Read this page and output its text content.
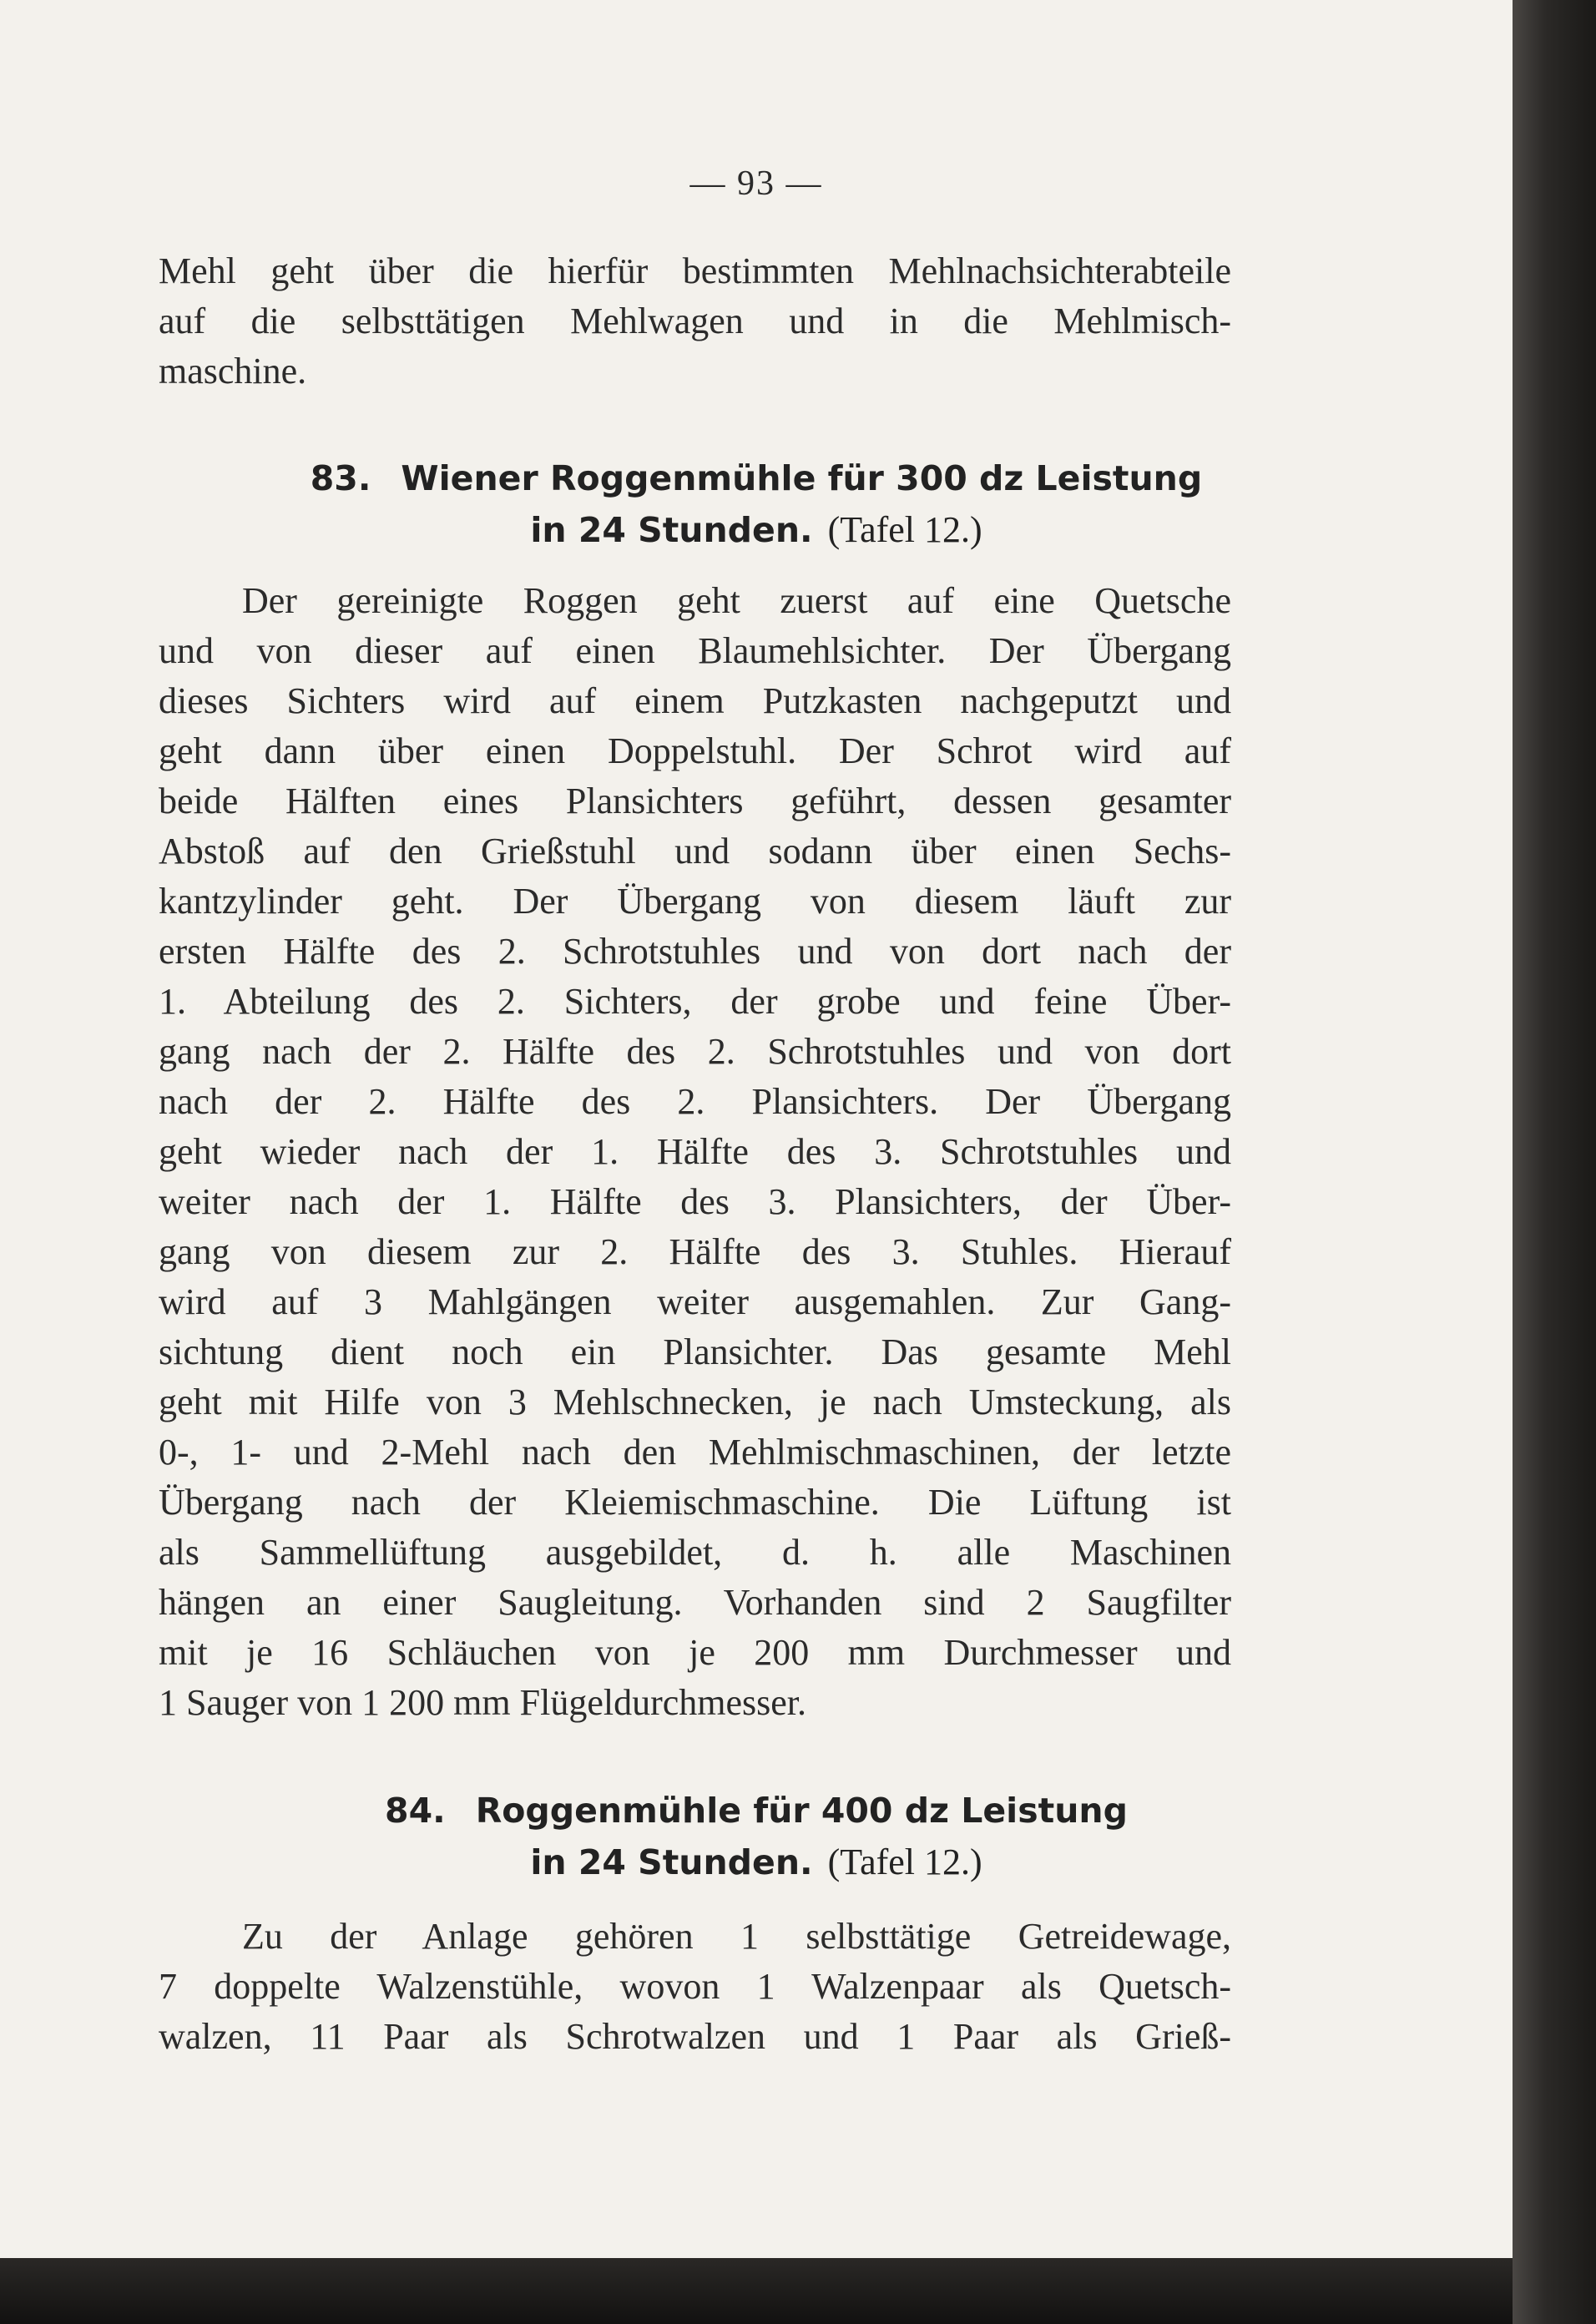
— 93 —
Mehl geht über die hierfür bestimmten Mehlnachsichterabteile
auf die selbsttätigen Mehlwagen und in die Mehlmisch-
maschine.
83. Wiener Roggenmühle für 300 dz Leistung
in 24 Stunden. (Tafel 12.)
Der gereinigte Roggen geht zuerst auf eine Quetsche
und von dieser auf einen Blaumehlsichter. Der Übergang
dieses Sichters wird auf einem Putzkasten nachgeputzt und
geht dann über einen Doppelstuhl. Der Schrot wird auf
beide Hälften eines Plansichters geführt, dessen gesamter
Abstoß auf den Grießstuhl und sodann über einen Sechs-
kantzylinder geht. Der Übergang von diesem läuft zur
ersten Hälfte des 2. Schrotstuhles und von dort nach der
1. Abteilung des 2. Sichters, der grobe und feine Über-
gang nach der 2. Hälfte des 2. Schrotstuhles und von dort
nach der 2. Hälfte des 2. Plansichters. Der Übergang
geht wieder nach der 1. Hälfte des 3. Schrotstuhles und
weiter nach der 1. Hälfte des 3. Plansichters, der Über-
gang von diesem zur 2. Hälfte des 3. Stuhles. Hierauf
wird auf 3 Mahlgängen weiter ausgemahlen. Zur Gang-
sichtung dient noch ein Plansichter. Das gesamte Mehl
geht mit Hilfe von 3 Mehlschnecken, je nach Umsteckung, als
0-, 1- und 2-Mehl nach den Mehlmischmaschinen, der letzte
Übergang nach der Kleiemischmaschine. Die Lüftung ist
als Sammellüftung ausgebildet, d. h. alle Maschinen
hängen an einer Saugleitung. Vorhanden sind 2 Saugfilter
mit je 16 Schläuchen von je 200 mm Durchmesser und
1 Sauger von 1 200 mm Flügeldurchmesser.
84. Roggenmühle für 400 dz Leistung
in 24 Stunden. (Tafel 12.)
Zu der Anlage gehören 1 selbsttätige Getreidewage,
7 doppelte Walzenstühle, wovon 1 Walzenpaar als Quetsch-
walzen, 11 Paar als Schrotwalzen und 1 Paar als Grieß-
